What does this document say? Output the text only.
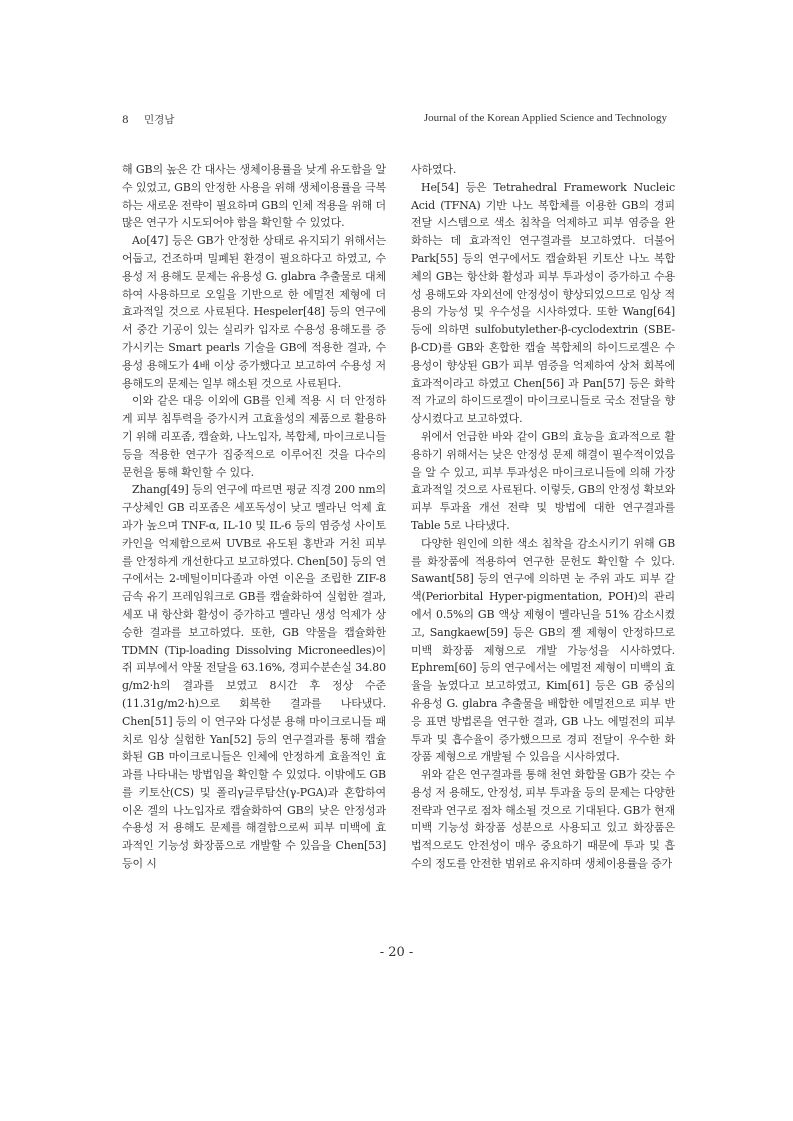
8 민경남	Journal of the Korean Applied Science and Technology

해 GB의 높은 간 대사는 생체이용률을 낮게 유도함을 알 수 있었고, GB의 안정한 사용을 위해 생체이용률을 극복하는 새로운 전략이 필요하며 GB의 인체 적용을 위해 더 많은 연구가 시도되어야 함을 확인할 수 있었다.

Ao[47] 등은 GB가 안정한 상태로 유지되기 위해서는 어둡고, 건조하며 밀폐된 환경이 필요하다고 하였고, 수용성 저 용해도 문제는 유용성 G. glabra 추출물로 대체하여 사용하므로 오일을 기반으로 한 에멀전 제형에 더 효과적일 것으로 사료된다. Hespeler[48] 등의 연구에서 중간 기공이 있는 실리카 입자로 수용성 용해도를 증가시키는 Smart pearls 기술을 GB에 적용한 결과, 수용성 용해도가 4배 이상 증가했다고 보고하여 수용성 저 용해도의 문제는 일부 해소된 것으로 사료된다.

이와 같은 대응 이외에 GB를 인체 적용 시 더 안정하게 피부 침투력을 증가시켜 고효율성의 제품으로 활용하기 위해 리포좀, 캡슐화, 나노입자, 복합체, 마이크로니들 등을 적용한 연구가 집중적으로 이루어진 것을 다수의 문헌을 통해 확인할 수 있다.

Zhang[49] 등의 연구에 따르면 평균 직경 200 nm의 구상체인 GB 리포좀은 세포독성이 낮고 멜라닌 억제 효과가 높으며 TNF-α, IL-10 및 IL-6 등의 염증성 사이토카인을 억제함으로써 UVB로 유도된 홍반과 거친 피부를 안정하게 개선한다고 보고하였다. Chen[50] 등의 연구에서는 2-메틸이미다졸과 아연 이온을 조립한 ZIF-8 금속 유기 프레임워크로 GB를 캡슐화하여 실험한 결과, 세포 내 항산화 활성이 증가하고 멜라닌 생성 억제가 상승한 결과를 보고하였다. 또한, GB 약물을 캡슐화한 TDMN (Tip-loading Dissolving Microneedles)이 쥐 피부에서 약물 전달을 63.16%, 경피수분손실 34.80 g/m2·h의 결과를 보였고 8시간 후 정상 수준(11.31g/m2·h)으로 회복한 결과를 나타냈다. Chen[51] 등의 이 연구와 다성분 용해 마이크로니들 패치로 임상 실험한 Yan[52] 등의 연구결과를 통해 캡슐화된 GB 마이크로니들은 인체에 안정하게 효율적인 효과를 나타내는 방법임을 확인할 수 있었다. 이밖에도 GB를 키토산(CS) 및 폴리γ글루탐산(γ-PGA)과 혼합하여 이온 겔의 나노입자로 캡슐화하여 GB의 낮은 안정성과 수용성 저 용해도 문제를 해결함으로써 피부 미백에 효과적인 기능성 화장품으로 개발할 수 있음을 Chen[53] 등이 시

사하였다.

He[54] 등은 Tetrahedral Framework Nucleic Acid (TFNA) 기반 나노 복합체를 이용한 GB의 경피 전달 시스템으로 색소 침착을 억제하고 피부 염증을 완화하는 데 효과적인 연구결과를 보고하였다. 더불어 Park[55] 등의 연구에서도 캡슐화된 키토산 나노 복합체의 GB는 항산화 활성과 피부 투과성이 증가하고 수용성 용해도와 자외선에 안정성이 향상되었으므로 임상 적용의 가능성 및 우수성을 시사하였다. 또한 Wang[64] 등에 의하면 sulfobutylether-β-cyclodextrin (SBE-β-CD)를 GB와 혼합한 캡슐 복합체의 하이드로겔은 수용성이 향상된 GB가 피부 염증을 억제하여 상처 회복에 효과적이라고 하였고 Chen[56] 과 Pan[57] 등은 화학적 가교의 하이드로겔이 마이크로니들로 국소 전달을 향상시켰다고 보고하였다.

위에서 언급한 바와 같이 GB의 효능을 효과적으로 활용하기 위해서는 낮은 안정성 문제 해결이 필수적이었음을 알 수 있고, 피부 투과성은 마이크로니들에 의해 가장 효과적일 것으로 사료된다. 이렇듯, GB의 안정성 확보와 피부 투과율 개선 전략 및 방법에 대한 연구결과를 Table 5로 나타냈다.

다양한 원인에 의한 색소 침착을 감소시키기 위해 GB를 화장품에 적용하여 연구한 문헌도 확인할 수 있다. Sawant[58] 등의 연구에 의하면 눈 주위 과도 피부 갈색(Periorbital Hyper-pigmentation, POH)의 관리에서 0.5%의 GB 액상 제형이 멜라닌을 51% 감소시켰고, Sangkaew[59] 등은 GB의 젤 제형이 안정하므로 미백 화장품 제형으로 개발 가능성을 시사하였다. Ephrem[60] 등의 연구에서는 에멀전 제형이 미백의 효율을 높였다고 보고하였고, Kim[61] 등은 GB 중심의 유용성 G. glabra 추출물을 배합한 에멀전으로 피부 반응 표면 방법론을 연구한 결과, GB 나노 에멀전의 피부 투과 및 흡수율이 증가했으므로 경피 전달이 우수한 화장품 제형으로 개발될 수 있음을 시사하였다.

위와 같은 연구결과를 통해 천연 화합물 GB가 갖는 수용성 저 용해도, 안정성, 피부 투과율 등의 문제는 다양한 전략과 연구로 점차 해소될 것으로 기대된다. GB가 현재 미백 기능성 화장품 성분으로 사용되고 있고 화장품은 법적으로도 안전성이 매우 중요하기 때문에 투과 및 흡수의 정도를 안전한 범위로 유지하며 생체이용률을 증가

- 20 -
